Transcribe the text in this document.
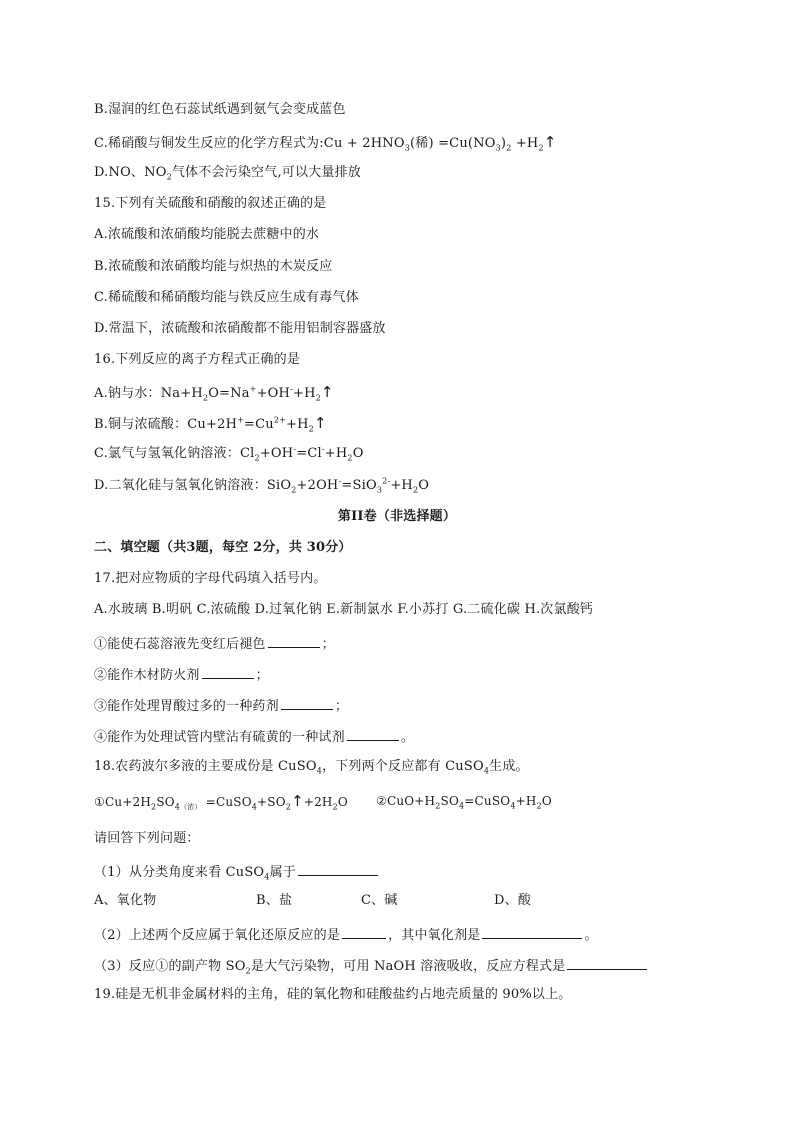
B.湿润的红色石蕊试纸遇到氨气会变成蓝色
C.稀硝酸与铜发生反应的化学方程式为:Cu + $2HNO_3$(稀) $=Cu(NO_3)_2$ $+H_2↑$
D.NO、$NO_2$气体不会污染空气,可以大量排放
15.下列有关硫酸和硝酸的叙述正确的是
A.浓硫酸和浓硝酸均能脱去蔗糖中的水
B.浓硫酸和浓硝酸均能与炽热的木炭反应
C.稀硫酸和稀硝酸均能与铁反应生成有毒气体
D.常温下，浓硫酸和浓硝酸都不能用铝制容器盛放
16.下列反应的离子方程式正确的是
A.钠与水：$Na+H_2O=Na^++OH^-+H_2↑$
B.铜与浓硫酸：$Cu+2H^+=Cu^{2+}+H_2↑$
C.氯气与氢氧化钠溶液：$Cl_2+OH^-=Cl^-+H_2O$
D.二氧化硅与氢氧化钠溶液：$SiO_2+2OH^-=SiO_3^{2-}+H_2O$
第II卷（非选择题）
二、填空题（共3题，每空 2分，共 30分）
17.把对应物质的字母代码填入括号内。
A.水玻璃 B.明矾 C.浓硫酸 D.过氧化钠 E.新制氯水 F.小苏打 G.二硫化碳 H.次氯酸钙
①能使石蕊溶液先变红后褪色	；
②能作木材防火剂	；
③能作处理胃酸过多的一种药剂	；
④能作为处理试管内壁沾有硫黄的一种试剂	。
18.农药波尔多液的主要成份是 CuSO$_4$，下列两个反应都有 CuSO$_4$生成。
$①Cu+2H_2SO_{4(浓)}$ $=CuSO_4+SO_2↑+2H_2O$ $②CuO+H_2SO_4=CuSO_4+H_2O$
请回答下列问题：
（1）从分类角度来看 CuSO$_4$属于
A、氧化物	B、盐	C、碱	D、酸
（2）上述两个反应属于氧化还原反应的是	，其中氧化剂是	。
（3）反应①的副产物 $SO_2$是大气污染物，可用 NaOH 溶液吸收，反应方程式是
19.硅是无机非金属材料的主角，硅的氧化物和硅酸盐约占地壳质量的 90%以上。
